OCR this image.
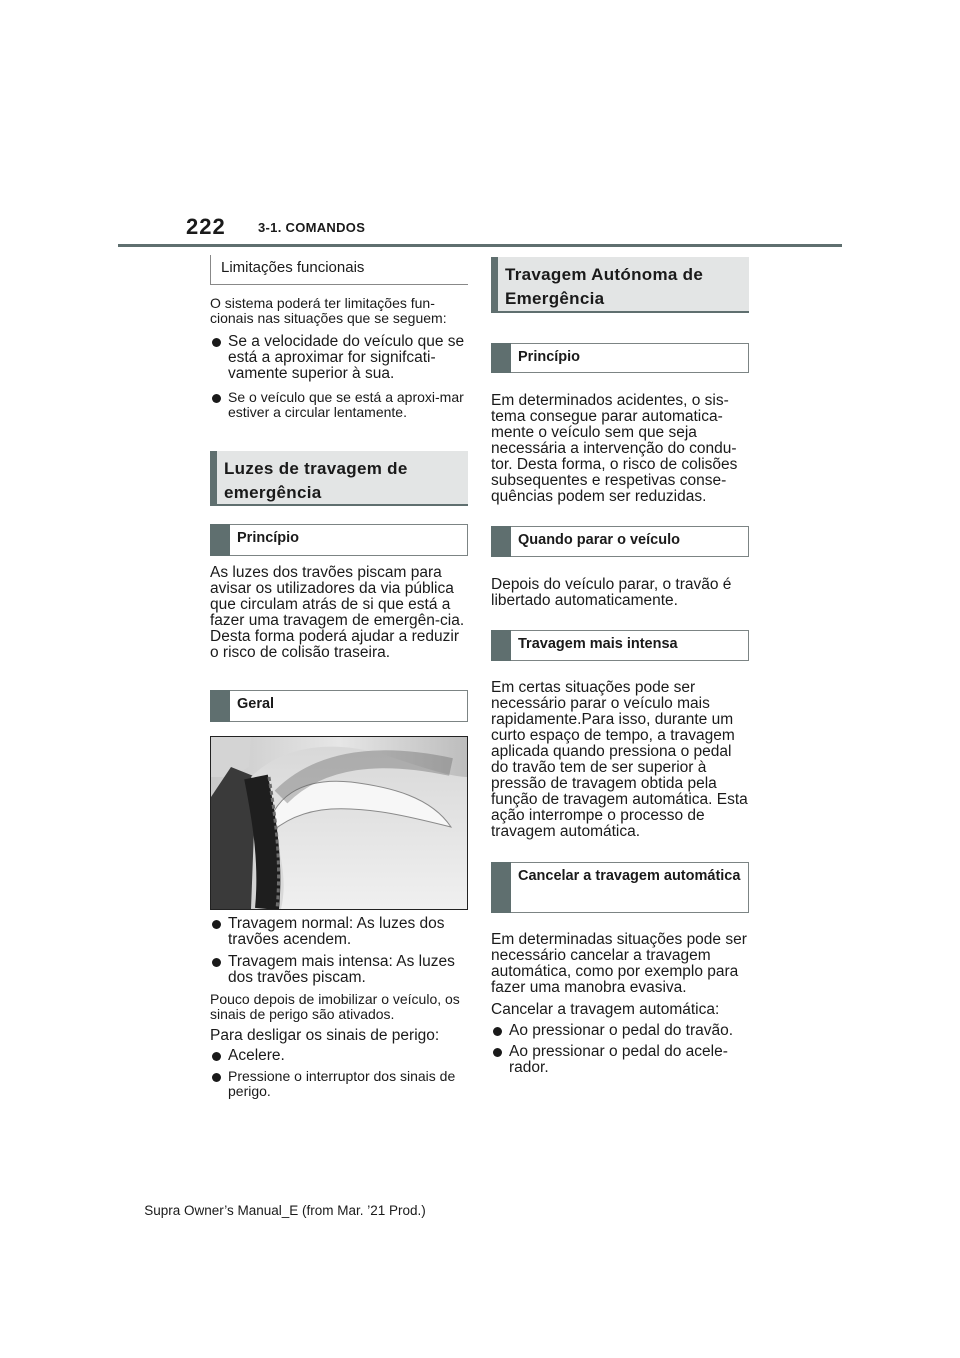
222 3-1. COMANDOS
Limitações funcionais

O sistema poderá ter limitações fun-cionais nas situações que se seguem:

Se a velocidade do veículo que se está a aproximar for signifcati-vamente superior à sua.
Se o veículo que se está a aproxi-mar estiver a circular lentamente.
Luzes de travagem de emergência
Princípio

As luzes dos travões piscam para avisar os utilizadores da via pública que circulam atrás de si que está a fazer uma travagem de emergên-cia. Desta forma poderá ajudar a reduzir o risco de colisão traseira.

Geral
Travagem normal: As luzes dos travões acendem.
Travagem mais intensa: As luzes dos travões piscam.

Pouco depois de imobilizar o veículo, os sinais de perigo são ativados.

Para desligar os sinais de perigo:

Acelere.
Pressione o interruptor dos sinais de perigo.
Travagem Autónoma de Emergência
Princípio

Em determinados acidentes, o sis-tema consegue parar automatica-mente o veículo sem que seja necessária a intervenção do condu-tor. Desta forma, o risco de colisões subsequentes e respetivas conse-quências podem ser reduzidas.

Quando parar o veículo

Depois do veículo parar, o travão é libertado automaticamente.

Travagem mais intensa

Em certas situações pode ser necessário parar o veículo mais rapidamente.Para isso, durante um curto espaço de tempo, a travagem aplicada quando pressiona o pedal do travão tem de ser superior à pressão de travagem obtida pela função de travagem automática. Esta ação interrompe o processo de travagem automática.

Cancelar a travagem automática

Em determinadas situações pode ser necessário cancelar a travagem automática, como por exemplo para fazer uma manobra evasiva.

Cancelar a travagem automática:

Ao pressionar o pedal do travão.
Ao pressionar o pedal do acele-rador.
Supra Owner’s Manual_E (from Mar. ’21 Prod.)
